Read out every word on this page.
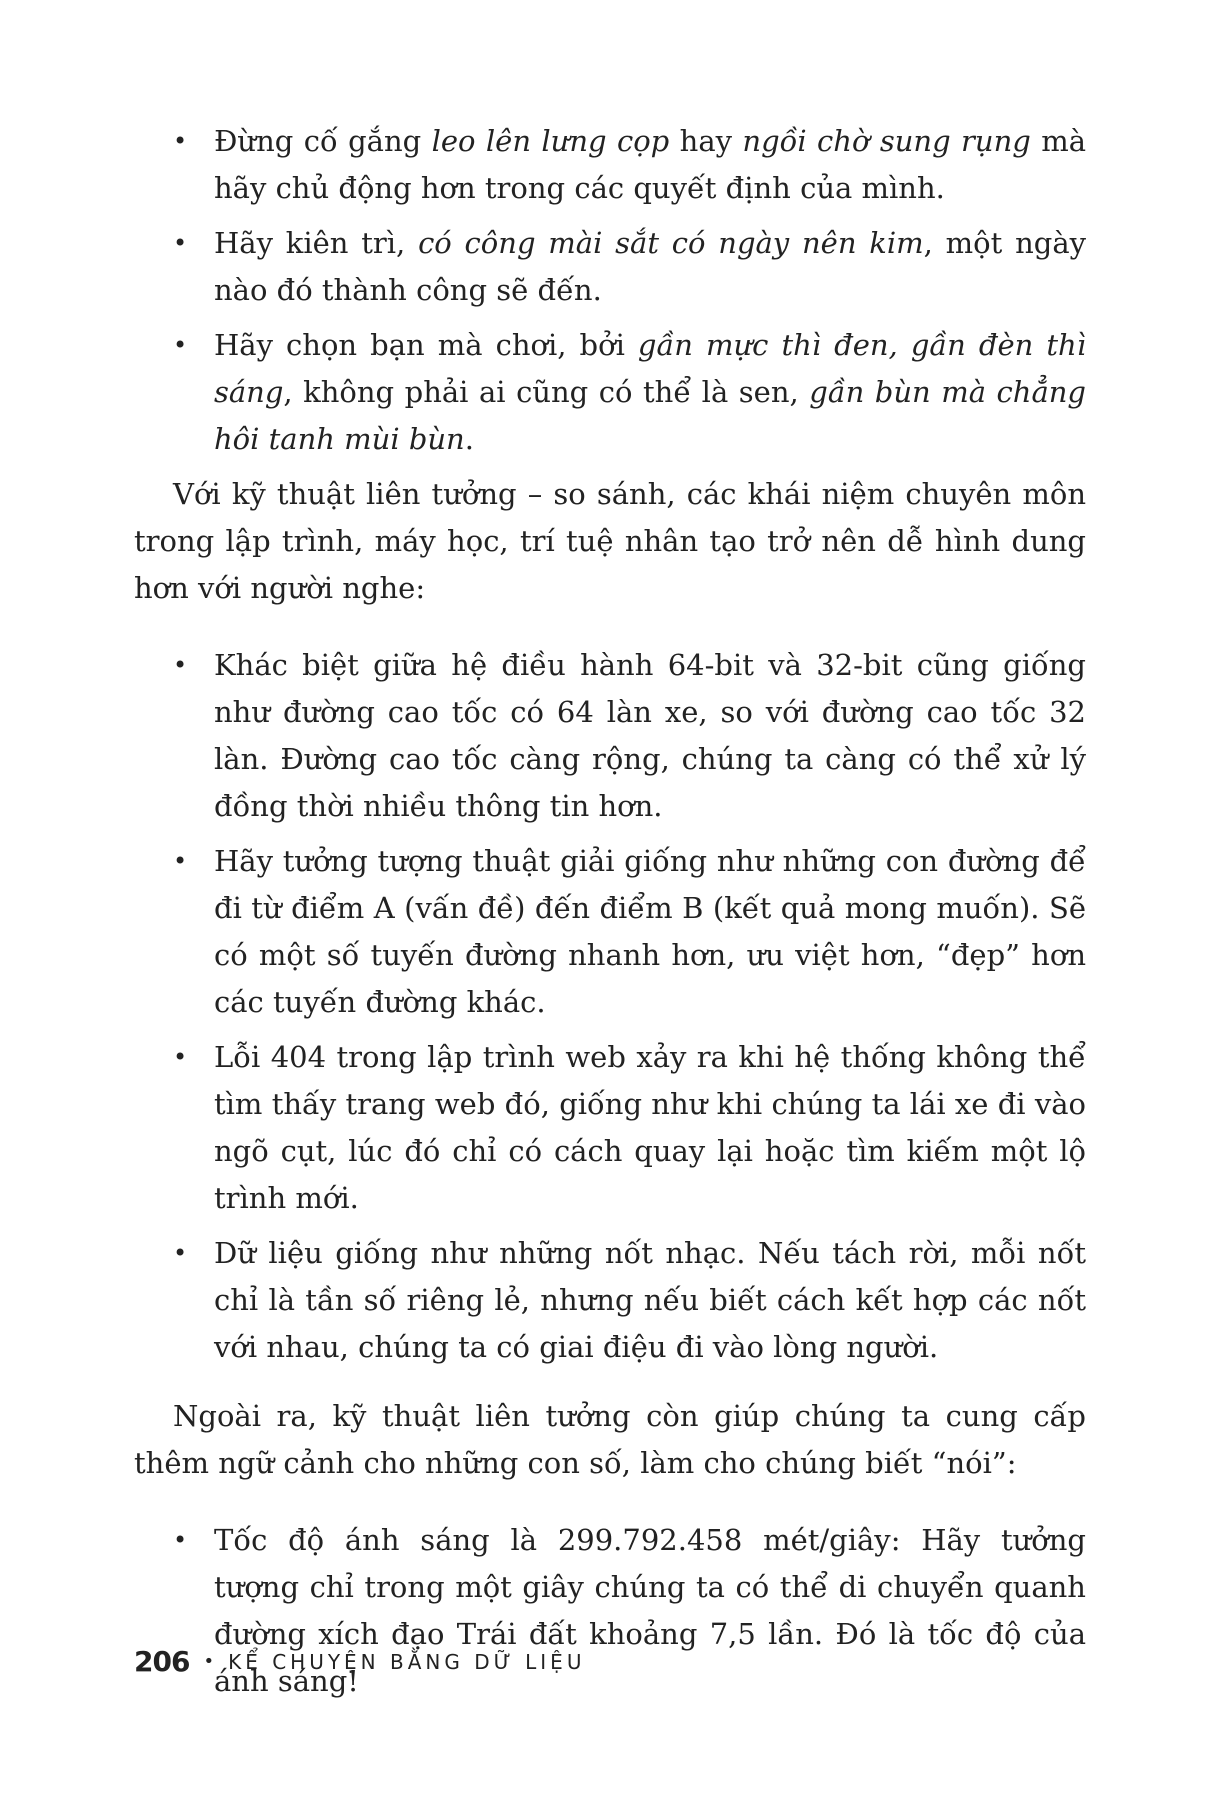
• Đừng cố gắng leo lên lưng cọp hay ngồi chờ sung rụng mà hãy chủ động hơn trong các quyết định của mình.
• Hãy kiên trì, có công mài sắt có ngày nên kim, một ngày nào đó thành công sẽ đến.
• Hãy chọn bạn mà chơi, bởi gần mực thì đen, gần đèn thì sáng, không phải ai cũng có thể là sen, gần bùn mà chẳng hôi tanh mùi bùn.

Với kỹ thuật liên tưởng – so sánh, các khái niệm chuyên môn trong lập trình, máy học, trí tuệ nhân tạo trở nên dễ hình dung hơn với người nghe:

• Khác biệt giữa hệ điều hành 64-bit và 32-bit cũng giống như đường cao tốc có 64 làn xe, so với đường cao tốc 32 làn. Đường cao tốc càng rộng, chúng ta càng có thể xử lý đồng thời nhiều thông tin hơn.
• Hãy tưởng tượng thuật giải giống như những con đường để đi từ điểm A (vấn đề) đến điểm B (kết quả mong muốn). Sẽ có một số tuyến đường nhanh hơn, ưu việt hơn, “đẹp” hơn các tuyến đường khác.
• Lỗi 404 trong lập trình web xảy ra khi hệ thống không thể tìm thấy trang web đó, giống như khi chúng ta lái xe đi vào ngõ cụt, lúc đó chỉ có cách quay lại hoặc tìm kiếm một lộ trình mới.
• Dữ liệu giống như những nốt nhạc. Nếu tách rời, mỗi nốt chỉ là tần số riêng lẻ, nhưng nếu biết cách kết hợp các nốt với nhau, chúng ta có giai điệu đi vào lòng người.

Ngoài ra, kỹ thuật liên tưởng còn giúp chúng ta cung cấp thêm ngữ cảnh cho những con số, làm cho chúng biết “nói”:

• Tốc độ ánh sáng là 299.792.458 mét/giây: Hãy tưởng tượng chỉ trong một giây chúng ta có thể di chuyển quanh đường xích đạo Trái đất khoảng 7,5 lần. Đó là tốc độ của ánh sáng!
206 • KỂ CHUYỆN BẰNG DỮ LIỆU
